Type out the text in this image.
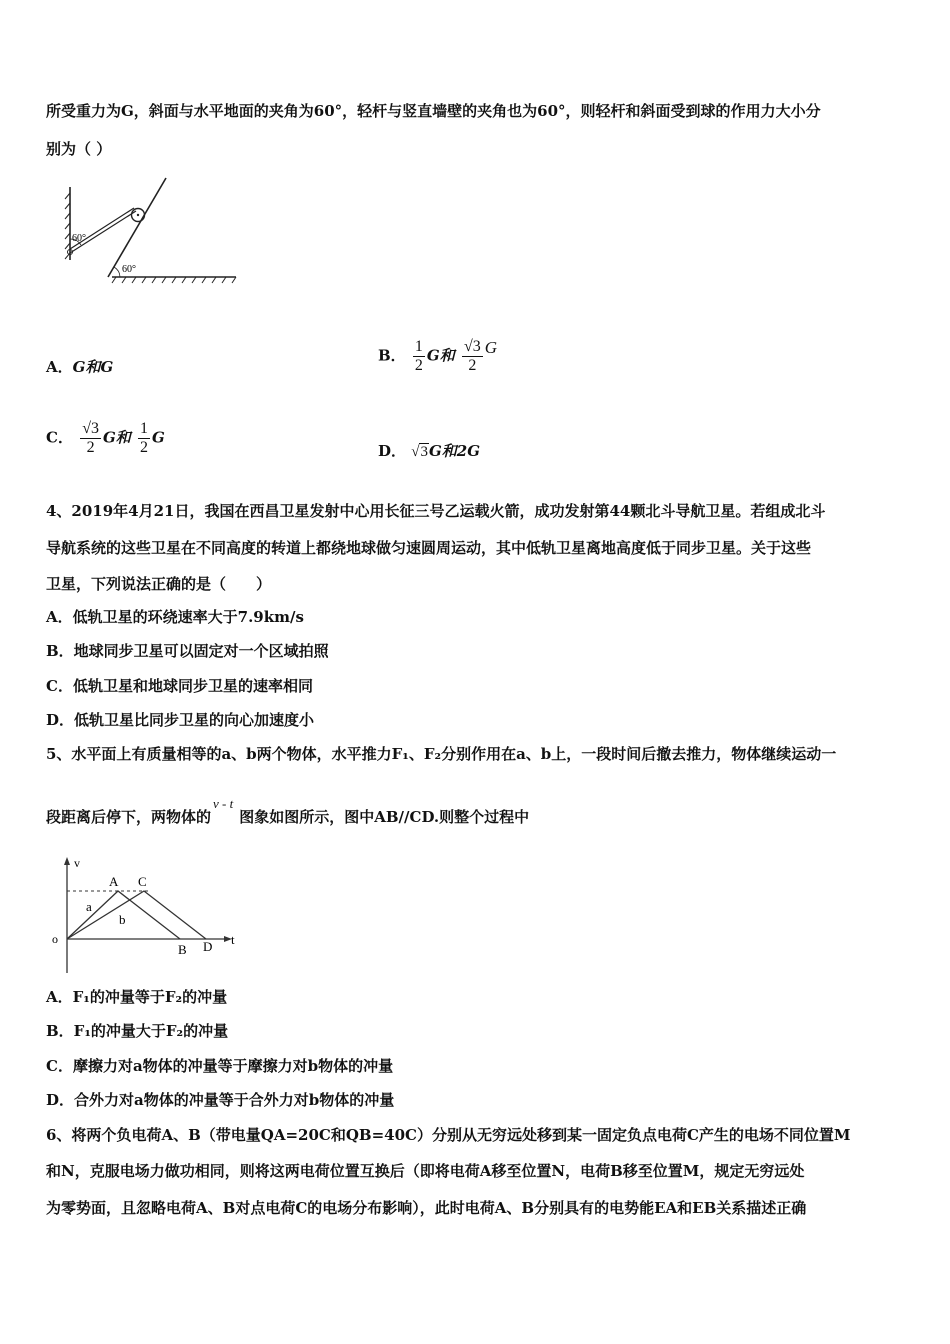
所受重力为G，斜面与水平地面的夹角为60°，轻杆与竖直墙壁的夹角也为60°，则轻杆和斜面受到球的作用力大小分
别为（ ）
60°
60°
A．G和G
B． $\frac{1}{2}$ G和 $\frac{√3}{2}$ G
C． $\frac{√3}{2}$ G和 $\frac{1}{2}$ G
D． √3G和2G
4、2019年4月21日，我国在西昌卫星发射中心用长征三号乙运载火箭，成功发射第44颗北斗导航卫星。若组成北斗
导航系统的这些卫星在不同高度的转道上都绕地球做匀速圆周运动，其中低轨卫星离地高度低于同步卫星。关于这些
卫星，下列说法正确的是（　　）
A．低轨卫星的环绕速率大于7.9km/s
B．地球同步卫星可以固定对一个区域拍照
C．低轨卫星和地球同步卫星的速率相同
D．低轨卫星比同步卫星的向心加速度小
5、水平面上有质量相等的a、b两个物体，水平推力F₁、F₂分别作用在a、b上，一段时间后撤去推力，物体继续运动一
段距离后停下，两物体的v - t图象如图所示，图中AB//CD.则整个过程中
v
t
o
A C
a
b
B D
A．F₁的冲量等于F₂的冲量
B．F₁的冲量大于F₂的冲量
C．摩擦力对a物体的冲量等于摩擦力对b物体的冲量
D．合外力对a物体的冲量等于合外力对b物体的冲量
6、将两个负电荷A、B（带电量QA=20C和QB=40C）分别从无穷远处移到某一固定负点电荷C产生的电场不同位置M
和N，克服电场力做功相同，则将这两电荷位置互换后（即将电荷A移至位置N，电荷B移至位置M，规定无穷远处
为零势面，且忽略电荷A、B对点电荷C的电场分布影响），此时电荷A、B分别具有的电势能EA和EB关系描述正确
